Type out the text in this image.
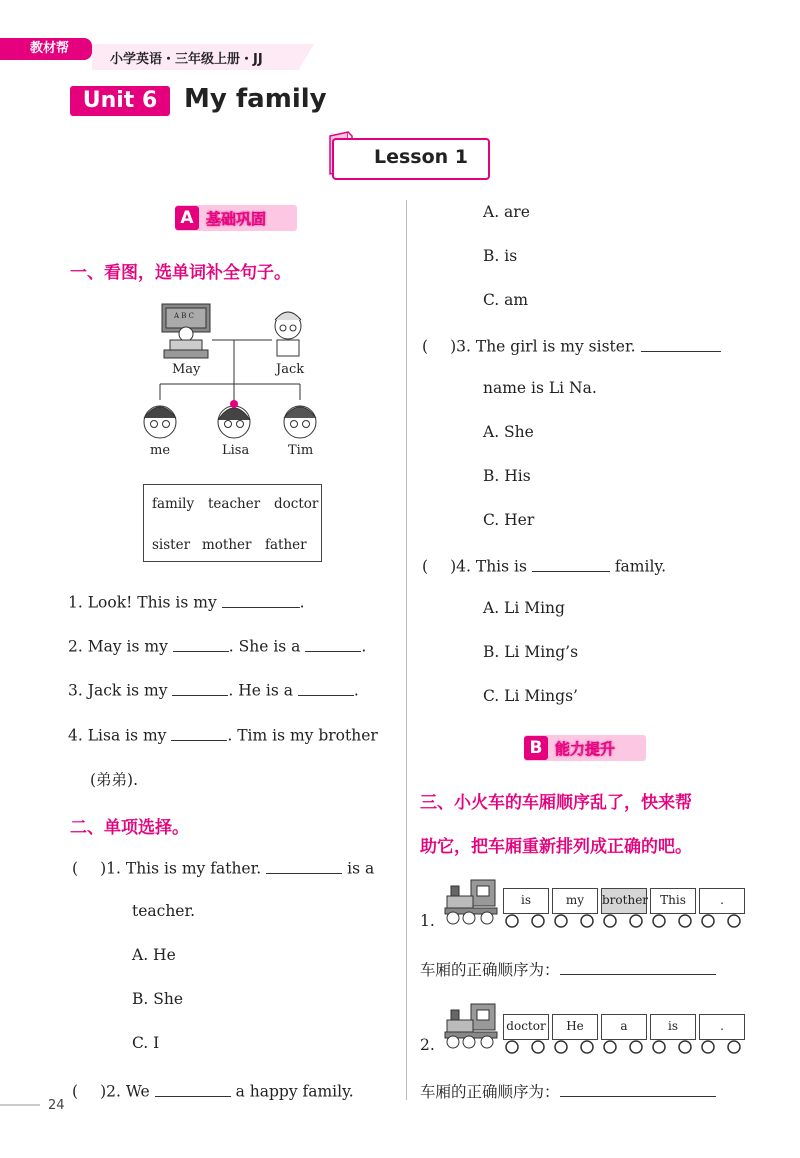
教材帮
小学英语・三年级上册・JJ
Unit 6	My family
Lesson 1
A 基础巩固
一、看图，选单词补全句子。
A B C
May	Jack
me	Lisa	Tim
family teacher doctor
sister mother father
1. Look! This is my	.
2. May is my	. She is a	.
3. Jack is my	. He is a	.
4. Lisa is my	. Tim is my brother
(弟弟).
二、单项选择。
( )1. This is my father.	is a
teacher.
A. He
B. She
C. I
( )2. We	a happy family.
A. are
B. is
C. am
( )3. The girl is my sister.
name is Li Na.
A. She
B. His
C. Her
( )4. This is	family.
A. Li Ming
B. Li Ming’s
C. Li Mings’
B 能力提升
三、小火车的车厢顺序乱了，快来帮
助它，把车厢重新排列成正确的吧。
1.
is	my	brother	This	.
车厢的正确顺序为：
2.
doctor	He	a	is	.
车厢的正确顺序为：
24
